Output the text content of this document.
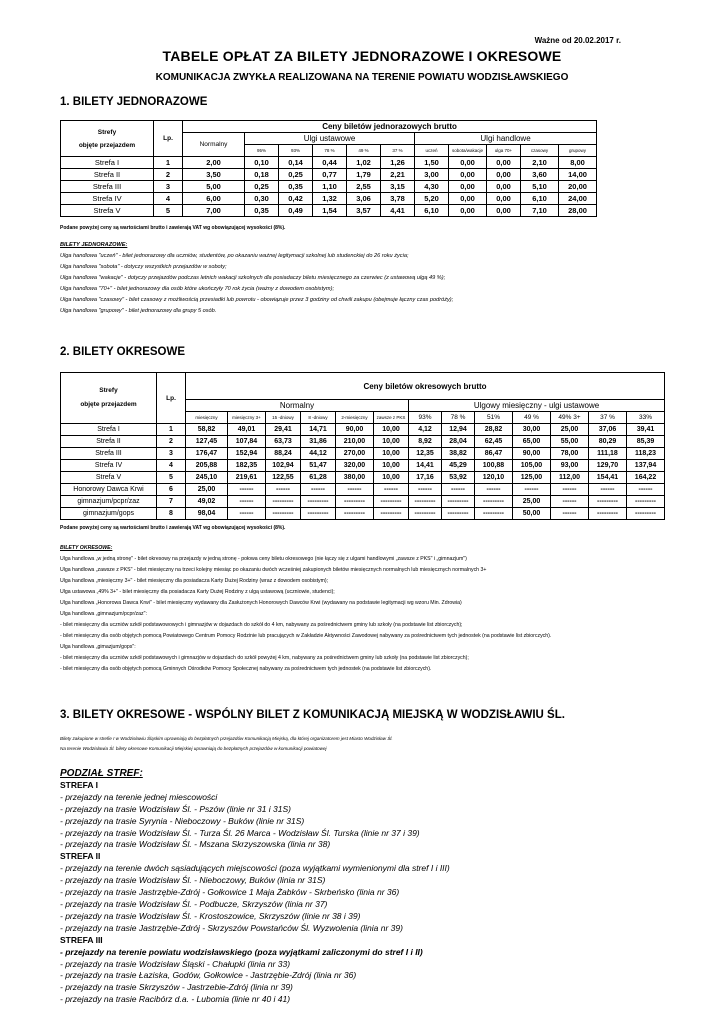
Ważne od 20.02.2017 r.
TABELE OPŁAT ZA BILETY JEDNORAZOWE I OKRESOWE
KOMUNIKACJA ZWYKŁA REALIZOWANA NA TERENIE POWIATU WODZISŁAWSKIEGO
1. BILETY JEDNORAZOWE
Strefy
objęte przejazdem	Lp.	Ceny biletów jednorazowych brutto										
		Normalny	Ulgi ustawowe					Ulgi handlowe				
			95%	93%	78 %	49 %	37 %	uczeń	sobota/wakacje	ulga 70+	czasowy	grupowy
Strefa I	1	2,00	0,10	0,14	0,44	1,02	1,26	1,50	0,00	0,00	2,10	8,00
Strefa II	2	3,50	0,18	0,25	0,77	1,79	2,21	3,00	0,00	0,00	3,60	14,00
Strefa III	3	5,00	0,25	0,35	1,10	2,55	3,15	4,30	0,00	0,00	5,10	20,00
Strefa IV	4	6,00	0,30	0,42	1,32	3,06	3,78	5,20	0,00	0,00	6,10	24,00
Strefa V	5	7,00	0,35	0,49	1,54	3,57	4,41	6,10	0,00	0,00	7,10	28,00
Podane powyżej ceny są wartościami brutto i zawierają VAT wg obowiązującej wysokości (8%).
BILETY JEDNORAZOWE:
Ulga handlowa "uczeń" - bilet jednorazowy dla uczniów, studentów, po okazaniu ważnej legitymacji szkolnej lub studenckiej do 26 roku życia;
Ulga handlowa "sobota" - dotyczy wszystkich przejazdów w soboty;
Ulga handlowa "wakacje" - dotyczy przejazdów podczas letnich wakacji szkolnych dla posiadaczy biletu miesięcznego za czerwiec (z ustawową ulgą 49 %);
Ulga handlowa "70+" - bilet jednorazowy dla osób które ukończyły 70 rok życia (ważny z dowodem osobistym);
Ulga handlowa "czasowy" - bilet czasowy z możliwością przesiadki lub powrotu - obowiązuje przez 3 godziny od chwili zakupu (obejmuje łączny czas podróży);
Ulga handlowa "grupowy" - bilet jednorazowy dla grupy 5 osób.
2. BILETY OKRESOWE
Strefy
objęte przejazdem	Lp.	Ceny biletów okresowych brutto												
		Normalny						Ulgowy miesięczny - ulgi ustawowe						
		miesięczny	miesięczny 3+	15 -dniowy	8 -dniowy	2-miesięczny	zawsze z PKS	93%	78 %	51%	49 %	49% 3+	37 %	33%
Strefa I	1	58,82	49,01	29,41	14,71	90,00	10,00	4,12	12,94	28,82	30,00	25,00	37,06	39,41
Strefa II	2	127,45	107,84	63,73	31,86	210,00	10,00	8,92	28,04	62,45	65,00	55,00	80,29	85,39
Strefa III	3	176,47	152,94	88,24	44,12	270,00	10,00	12,35	38,82	86,47	90,00	78,00	111,18	118,23
Strefa IV	4	205,88	182,35	102,94	51,47	320,00	10,00	14,41	45,29	100,88	105,00	93,00	129,70	137,94
Strefa V	5	245,10	219,61	122,55	61,28	380,00	10,00	17,16	53,92	120,10	125,00	112,00	154,41	164,22
Honorowy Dawca Krwi	6	25,00	------	------	------	------	------	------	------	------	------	------	------	------
gimnazjum/pcpr/zaz	7	49,02	------	---------	---------	---------	---------	---------	---------	---------	25,00	------	---------	---------
gimnazjum/gops	8	98,04	------	---------	---------	---------	---------	---------	---------	---------	50,00	------	---------	---------
Podane powyżej ceny są wartościami brutto i zawierają VAT wg obowiązującej wysokości (8%).
BILETY OKRESOWE:
Ulga handlowa „w jedną stronę" - bilet okresowy na przejazdy w jedną stronę - połowa ceny biletu okresowego (nie łączy się z ulgami handlowymi „zawsze z PKS" i „gimnazjum")
Ulga handlowa „zawsze z PKS" - bilet miesięczny na trzeci kolejny miesiąc po okazaniu dwóch wcześniej zakupionych biletów miesięcznych normalnych lub miesięcznych normalnych 3+
Ulga handlowa „miesięczny 3+" - bilet miesięczny dla posiadacza Karty Dużej Rodziny (wraz z dowodem osobistym);
Ulga ustawowa „49% 3+" - bilet miesięczny dla posiadacza Karty Dużej Rodziny z ulgą ustawową (uczniowie, studenci);
Ulga handlowa „Honorowa Dawca Krwi" - bilet miesięczny wydawany dla Zasłużonych Honorowych Dawców Krwi (wydawany na podstawie legitymacji wg wzoru Min. Zdrowia)
Ulga handlowa „gimnazjum/pcpr/zaz":
- bilet miesięczny dla uczniów szkół podstawowowych i gimnazjów w dojazdach do szkół do 4 km, nabywany za pośrednictwem gminy lub szkoły (na podstawie list zbiorczych);
- bilet miesięczny dla osób objętych pomocą Powiatowego Centrum Pomocy Rodzinie lub pracujących w Zakładzie Aktywności Zawodowej nabywany za pośrednictwem tych jednostek (na podstawie list zbiorczych).
Ulga handlowa „gimazjum/gops":
- bilet miesięczny dla uczniów szkół podstawowych i gimnazjów w dojazdach do szkół powyżej 4 km, nabywany za pośrednictwem gminy lub szkoły (na podstawie list zbiorczych);
- bilet miesięczny dla osób objętych pomocą Gminnych Ośrodków Pomocy Społecznej nabywany za pośrednictwem tych jednostek (na podstawie list zbiorczych).
3. BILETY OKRESOWE - WSPÓLNY BILET Z KOMUNIKACJĄ MIEJSKĄ W WODZISŁAWIU ŚL.
Bilety zakupione w strefie I w Wodzisławiu Śląskim uprawniają do bezpłatnych przejazdów Komunikacją Miejską, dla której organizatorem jest Miasto Wodzisław Śl.
Na terenie Wodzisławia Śl. bilety okresowe Komunikacji Miejskiej uprawniają do bezpłatnych przejazdów w komunikacji powiatowej
PODZIAŁ STREF:
STREFA I
- przejazdy na terenie jednej miescowości
- przejazdy na trasie Wodzisław Śl. - Pszów (linie nr 31 i 31S)
- przejazdy na trasie Syrynia - Nieboczowy - Buków (linie nr 31S)
- przejazdy na trasie Wodzisław Śl. - Turza Śl. 26 Marca - Wodzisław Śl. Turska (linie nr 37 i 39)
- przejazdy na trasie Wodzisław Śl. - Mszana Skrzyszowska (linia nr 38)
STREFA II
- przejazdy na terenie dwóch sąsiadujących miejscowości (poza wyjątkami wymienionymi dla stref I i III)
- przejazdy na trasie Wodzisław Śl. - Nieboczowy, Buków (linia nr 31S)
- przejazdy na trasie Jastrzębie-Zdrój - Gołkowice 1 Maja Żabków - Skrbeńsko (linia nr 36)
- przejazdy na trasie Wodzisław Śl. - Podbucze, Skrzyszów (linia nr 37)
- przejazdy na trasie Wodzisław Śl. - Krostoszowice, Skrzyszów (linie nr 38 i 39)
- przejazdy na trasie Jastrzębie-Zdrój - Skrzyszów Powstańców Śl. Wyzwolenia (linia nr 39)
STREFA III
- przejazdy na terenie powiatu wodzisławskiego (poza wyjątkami zaliczonymi do stref I i II)
- przejazdy na trasie Wodzisław Śląski - Chałupki (linia nr 33)
- przejazdy na trasie Łaziska, Godów, Gołkowice - Jastrzębie-Zdrój (linia nr 36)
- przejazdy na trasie Skrzyszów - Jastrzebie-Zdrój (linia nr 39)
- przejazdy na trasie Racibórz d.a. - Lubomia (linie nr 40 i 41)
